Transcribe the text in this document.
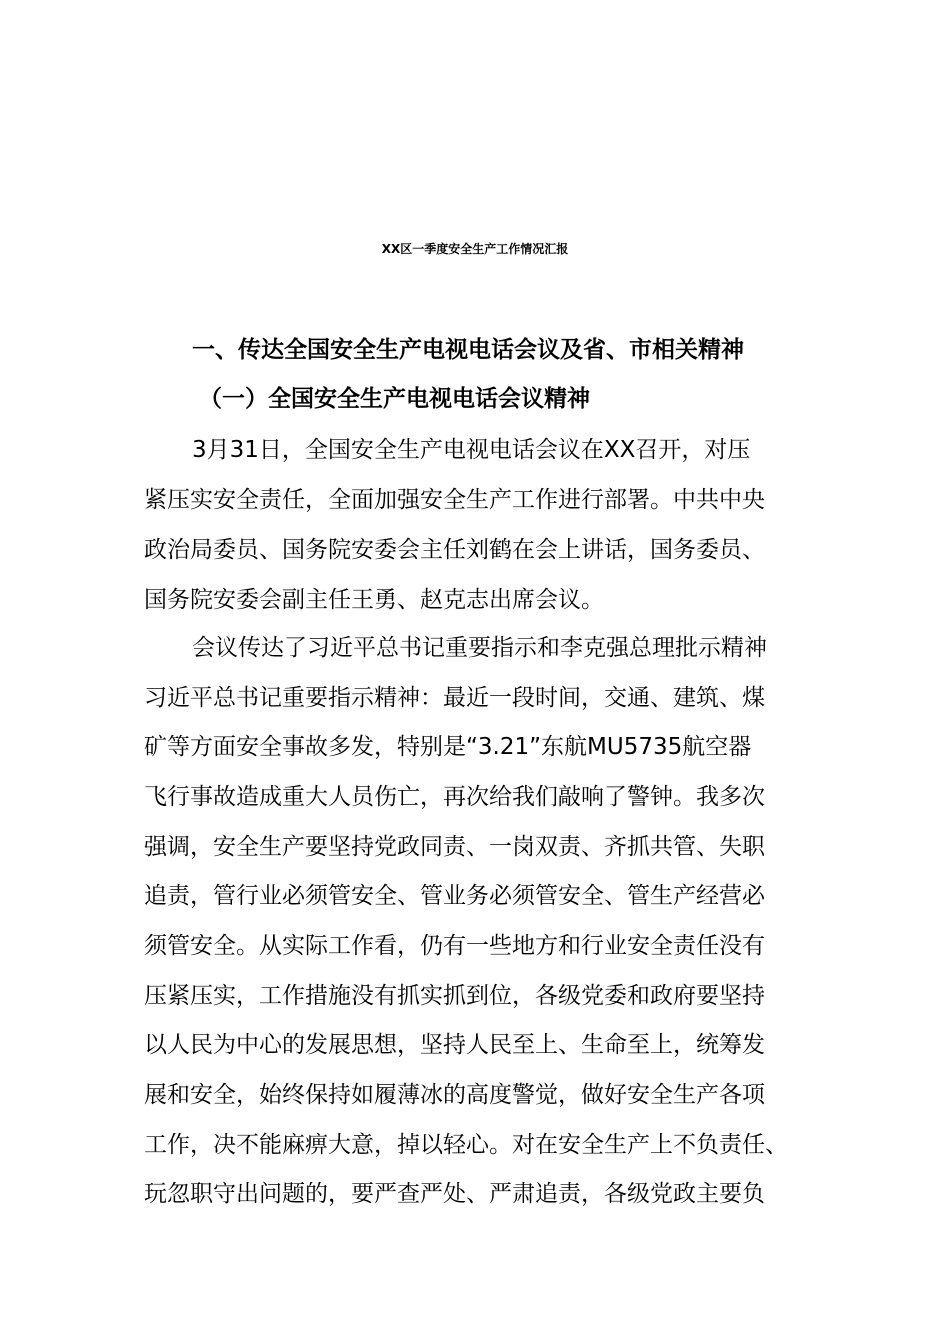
XX区一季度安全生产工作情况汇报
一、传达全国安全生产电视电话会议及省、市相关精神
（一）全国安全生产电视电话会议精神
3月31日，全国安全生产电视电话会议在XX召开，对压
紧压实安全责任，全面加强安全生产工作进行部署。中共中央
政治局委员、国务院安委会主任刘鹤在会上讲话，国务委员、
国务院安委会副主任王勇、赵克志出席会议。
会议传达了习近平总书记重要指示和李克强总理批示精神
习近平总书记重要指示精神：最近一段时间，交通、建筑、煤
矿等方面安全事故多发，特别是“3.21”东航MU5735航空器
飞行事故造成重大人员伤亡，再次给我们敲响了警钟。我多次
强调，安全生产要坚持党政同责、一岗双责、齐抓共管、失职
追责，管行业必须管安全、管业务必须管安全、管生产经营必
须管安全。从实际工作看，仍有一些地方和行业安全责任没有
压紧压实，工作措施没有抓实抓到位，各级党委和政府要坚持
以人民为中心的发展思想，坚持人民至上、生命至上，统筹发
展和安全，始终保持如履薄冰的高度警觉，做好安全生产各项
工作，决不能麻痹大意，掉以轻心。对在安全生产上不负责任、
玩忽职守出问题的，要严查严处、严肃追责，各级党政主要负
